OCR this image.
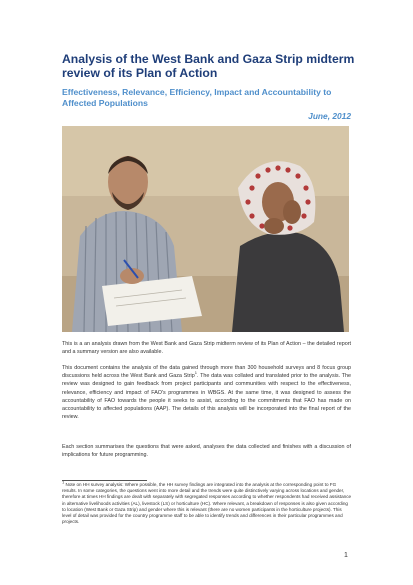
Analysis of the West Bank and Gaza Strip midterm review of its Plan of Action
Effectiveness, Relevance, Efficiency, Impact and Accountability to Affected Populations
June, 2012
This is a an analysis drawn from the West Bank and Gaza Strip midterm review of its Plan of Action – the detailed report and a summary version are also available.
This document contains the analysis of the data gained through more than 300 household surveys and 8 focus group discussions held across the West Bank and Gaza Strip$^1$. The data was collated and translated prior to the analysis. The review was designed to gain feedback from project participants and communities with respect to the effectiveness, relevance, efficiency and impact of FAO's programmes in WBGS. At the same time, it was designed to assess the accountability of FAO towards the people it seeks to assist, according to the commitments that FAO has made on accountability to affected populations (AAP). The details of this analysis will be incorporated into the final report of the review.
Each section summarises the questions that were asked, analyses the data collected and finishes with a discussion of implications for future programming.
$^1$ Note on HH survey analysis: Where possible, the HH survey findings are integrated into the analysis at the corresponding point to FG results. In some categories, the questions went into more detail and the trends were quite distinctively varying across locations and gender, therefore at times HH findings are dealt with separately with segregated responses according to whether respondents had received assistance in alternative livelihoods activities (AL), livestock (LS) or horticulture (HC). Where relevant, a breakdown of responses is also given according to location (West Bank or Gaza Strip) and gender where this is relevant (there are no women participants in the horticulture projects). This level of detail was provided for the country programme staff to be able to identify trends and differences in their particular programmes and projects.
1
